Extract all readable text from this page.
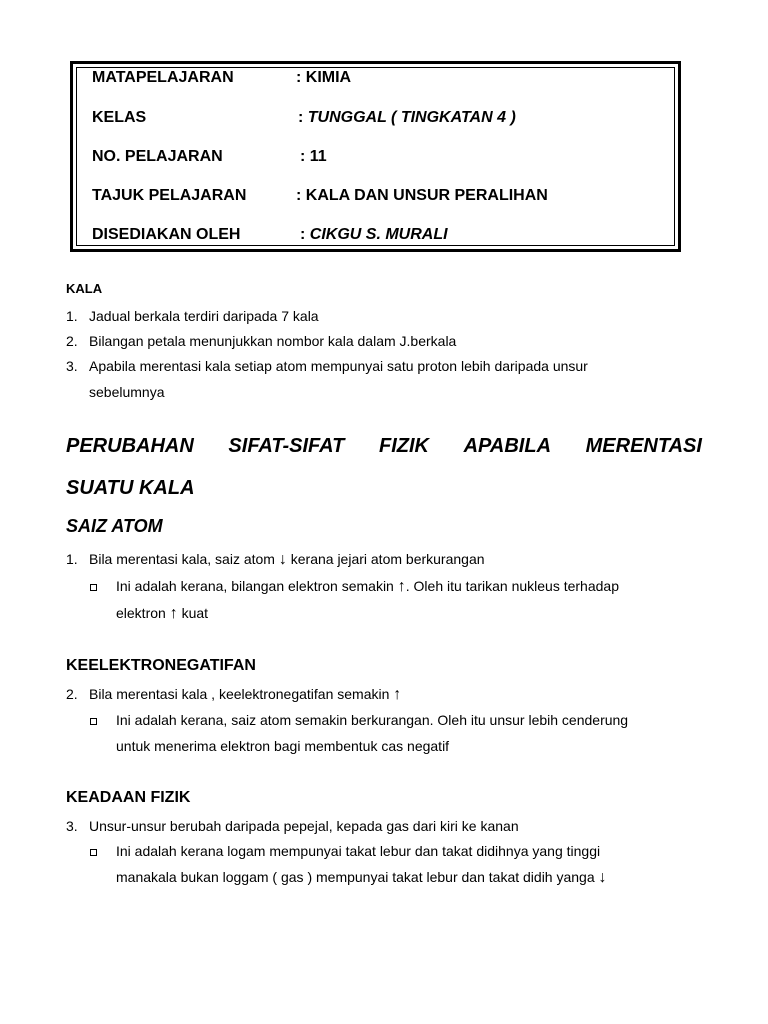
MATAPELAJARAN	: KIMIA
KELAS	: TUNGGAL ( TINGKATAN 4 )
NO. PELAJARAN	: 11
TAJUK PELAJARAN	: KALA DAN UNSUR PERALIHAN
DISEDIAKAN OLEH	: CIKGU S. MURALI
KALA
1. Jadual berkala terdiri daripada 7 kala
2. Bilangan petala menunjukkan nombor kala dalam J.berkala
3. Apabila merentasi kala setiap atom mempunyai satu proton lebih daripada unsur
sebelumnya
PERUBAHAN SIFAT-SIFAT FIZIK APABILA MERENTASI
SUATU KALA
SAIZ ATOM
1. Bila merentasi kala, saiz atom ↓ kerana jejari atom berkurangan
Ini adalah kerana, bilangan elektron semakin ↑. Oleh itu tarikan nukleus terhadap
elektron ↑ kuat
KEELEKTRONEGATIFAN
2. Bila merentasi kala , keelektronegatifan semakin ↑
Ini adalah kerana, saiz atom semakin berkurangan. Oleh itu unsur lebih cenderung
untuk menerima elektron bagi membentuk cas negatif
KEADAAN FIZIK
3. Unsur-unsur berubah daripada pepejal, kepada gas dari kiri ke kanan
Ini adalah kerana logam mempunyai takat lebur dan takat didihnya yang tinggi
manakala bukan loggam ( gas ) mempunyai takat lebur dan takat didih yanga ↓
